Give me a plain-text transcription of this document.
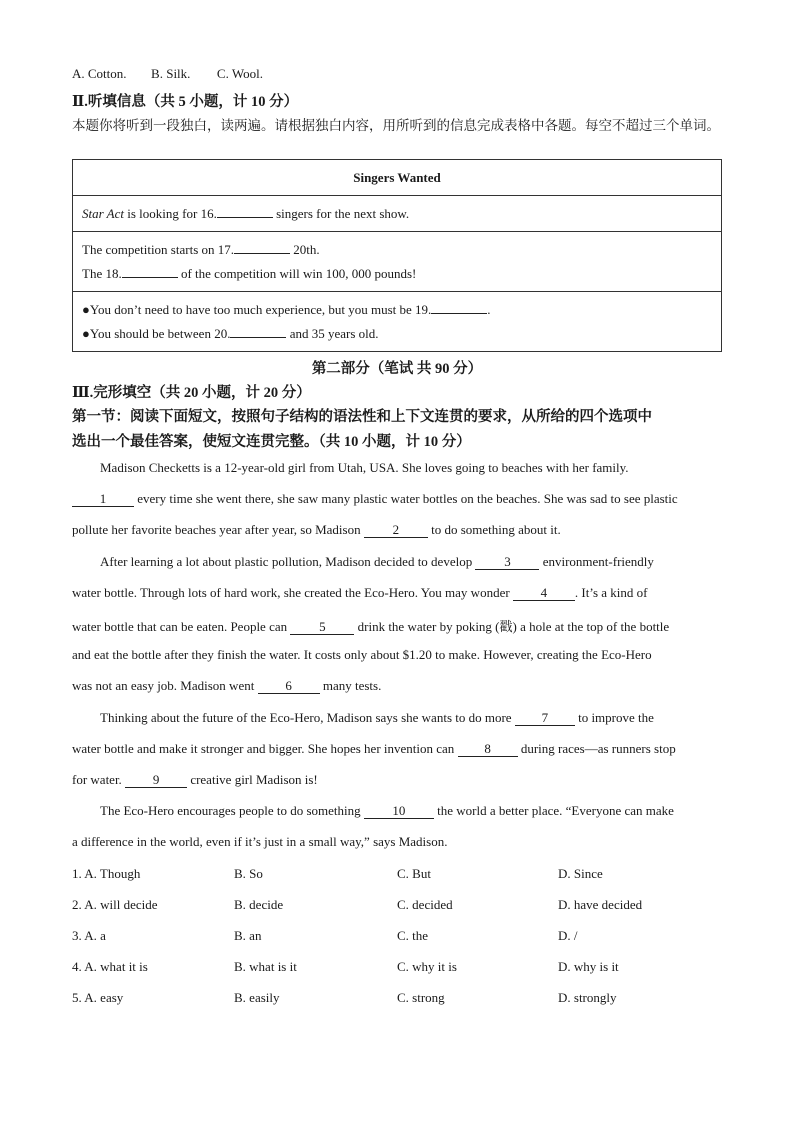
A. Cotton. B. Silk. C. Wool.
Ⅱ.听填信息（共 5 小题，计 10 分）
本题你将听到一段独白，读两遍。请根据独白内容，用所听到的信息完成表格中各题。每空不超过三个单词。
Singers Wanted
Star Act is looking for 16.	singers for the next show.

The competition starts on 17.	20th.
The 18.	of the competition will win 100, 000 pounds!

●You don’t need to have too much experience, but you must be 19.	.
●You should be between 20.	and 35 years old.
第二部分（笔试 共 90 分）
Ⅲ.完形填空（共 20 小题，计 20 分）
第一节：阅读下面短文，按照句子结构的语法性和上下文连贯的要求，从所给的四个选项中
选出一个最佳答案，使短文连贯完整。（共 10 小题，计 10 分）
Madison Checketts is a 12-year-old girl from Utah, USA. She loves going to beaches with her family.
1 every time she went there, she saw many plastic water bottles on the beaches. She was sad to see plastic
pollute her favorite beaches year after year, so Madison 2 to do something about it.
After learning a lot about plastic pollution, Madison decided to develop 3 environment-friendly
water bottle. Through lots of hard work, she created the Eco-Hero. You may wonder 4 . It’s a kind of
water bottle that can be eaten. People can 5 drink the water by poking (戳) a hole at the top of the bottle
and eat the bottle after they finish the water. It costs only about $1.20 to make. However, creating the Eco-Hero
was not an easy job. Madison went 6 many tests.
Thinking about the future of the Eco-Hero, Madison says she wants to do more 7 to improve the
water bottle and make it stronger and bigger. She hopes her invention can 8 during races—as runners stop
for water. 9 creative girl Madison is!
The Eco-Hero encourages people to do something 10 the world a better place. “Everyone can make
a difference in the world, even if it’s just in a small way,” says Madison.
1. A. Though	B. So	C. But	D. Since
2. A. will decide	B. decide	C. decided	D. have decided
3. A. a	B. an	C. the	D. /
4. A. what it is	B. what is it	C. why it is	D. why is it
5. A. easy	B. easily	C. strong	D. strongly
